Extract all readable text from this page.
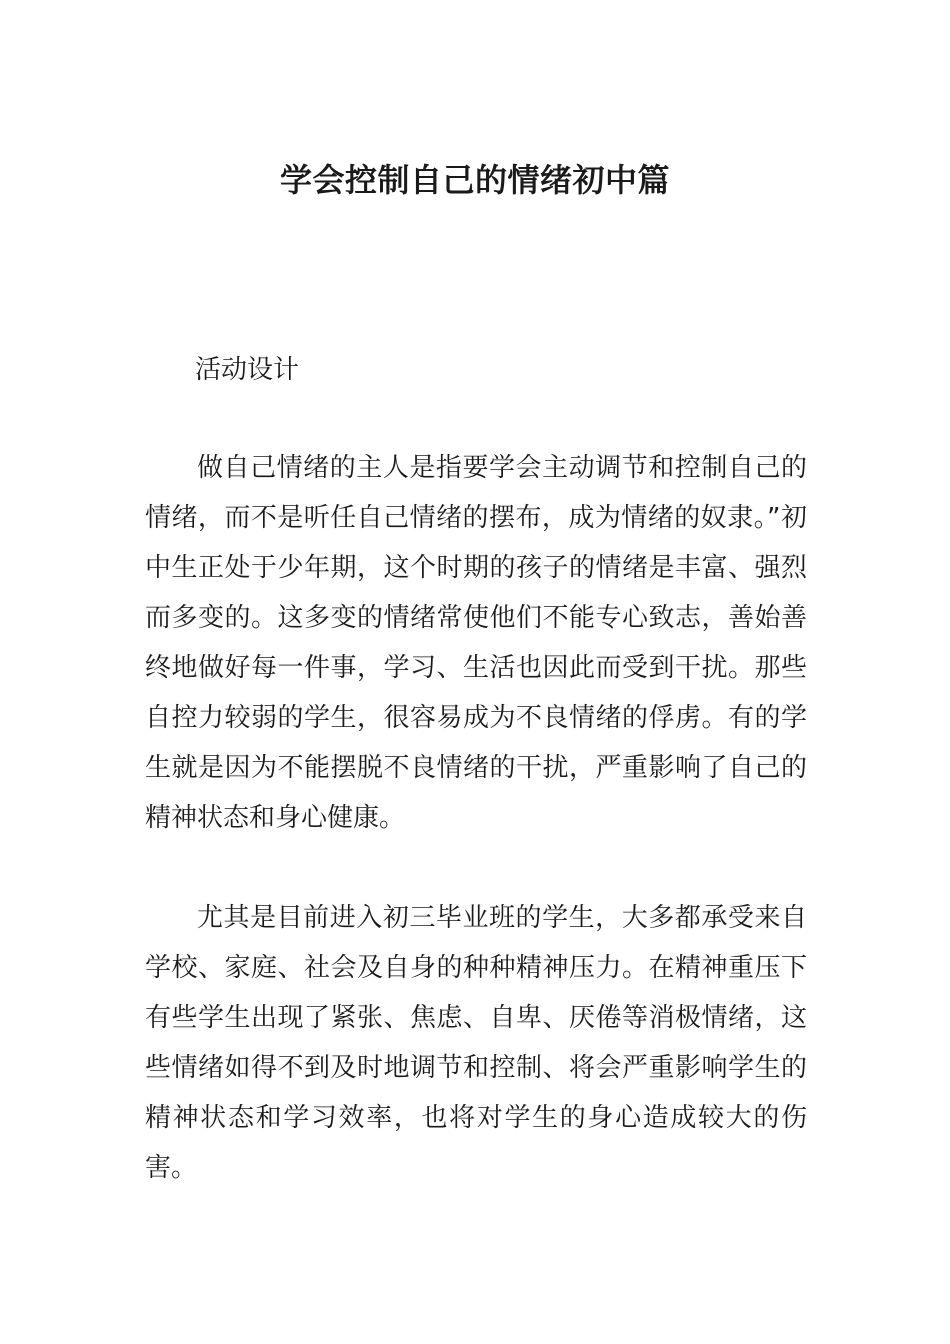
学会控制自己的情绪初中篇
活动设计

做自己情绪的主人是指要学会主动调节和控制自己的情绪，而不是听任自己情绪的摆布，成为情绪的奴隶。”初中生正处于少年期，这个时期的孩子的情绪是丰富、强烈而多变的。这多变的情绪常使他们不能专心致志，善始善终地做好每一件事，学习、生活也因此而受到干扰。那些自控力较弱的学生，很容易成为不良情绪的俘虏。有的学生就是因为不能摆脱不良情绪的干扰，严重影响了自己的精神状态和身心健康。

尤其是目前进入初三毕业班的学生，大多都承受来自学校、家庭、社会及自身的种种精神压力。在精神重压下有些学生出现了紧张、焦虑、自卑、厌倦等消极情绪，这些情绪如得不到及时地调节和控制、将会严重影响学生的精神状态和学习效率，也将对学生的身心造成较大的伤害。
